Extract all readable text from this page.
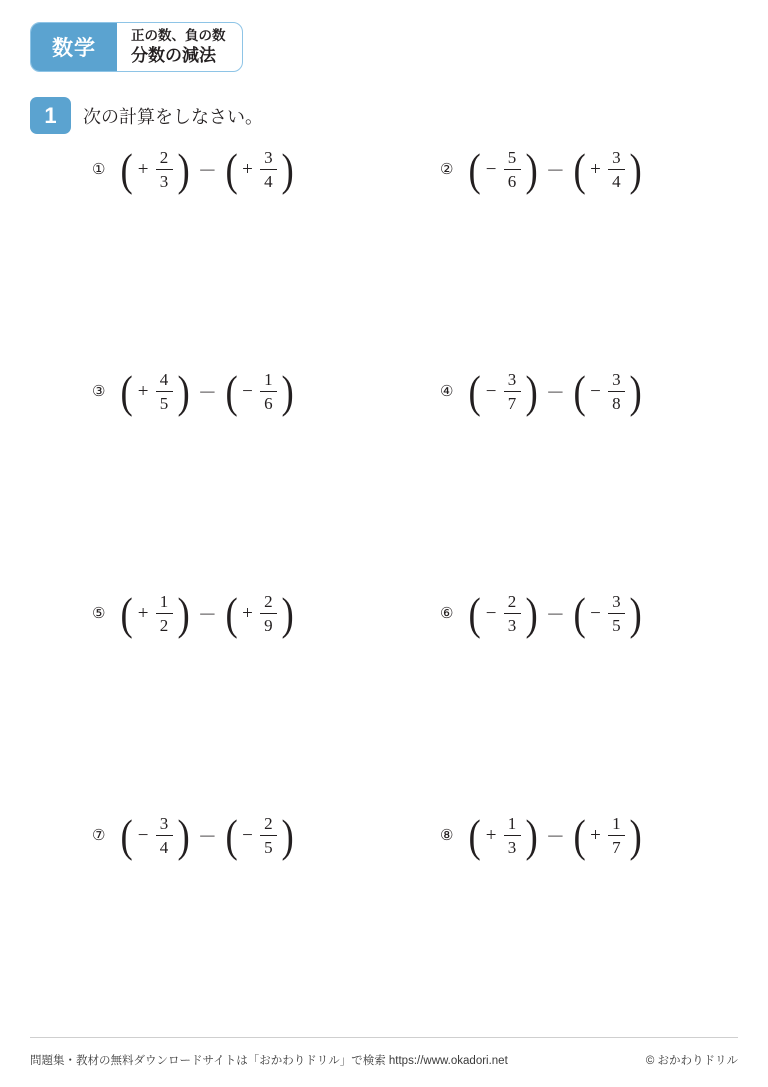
数学
正の数、負の数
分数の減法
1	次の計算をしなさい。
① ( + $\frac{2}{3}$ ) － ( + $\frac{3}{4}$ )	② ( − $\frac{5}{6}$ ) － ( + $\frac{3}{4}$ )
③ ( + $\frac{4}{5}$ ) － ( − $\frac{1}{6}$ )	④ ( − $\frac{3}{7}$ ) － ( − $\frac{3}{8}$ )
⑤ ( + $\frac{1}{2}$ ) － ( + $\frac{2}{9}$ )	⑥ ( − $\frac{2}{3}$ ) － ( − $\frac{3}{5}$ )
⑦ ( − $\frac{3}{4}$ ) － ( − $\frac{2}{5}$ )	⑧ ( + $\frac{1}{3}$ ) － ( + $\frac{1}{7}$ )
問題集・教材の無料ダウンロードサイトは「おかわりドリル」で検索 https://www.okadori.net	© おかわりドリル
